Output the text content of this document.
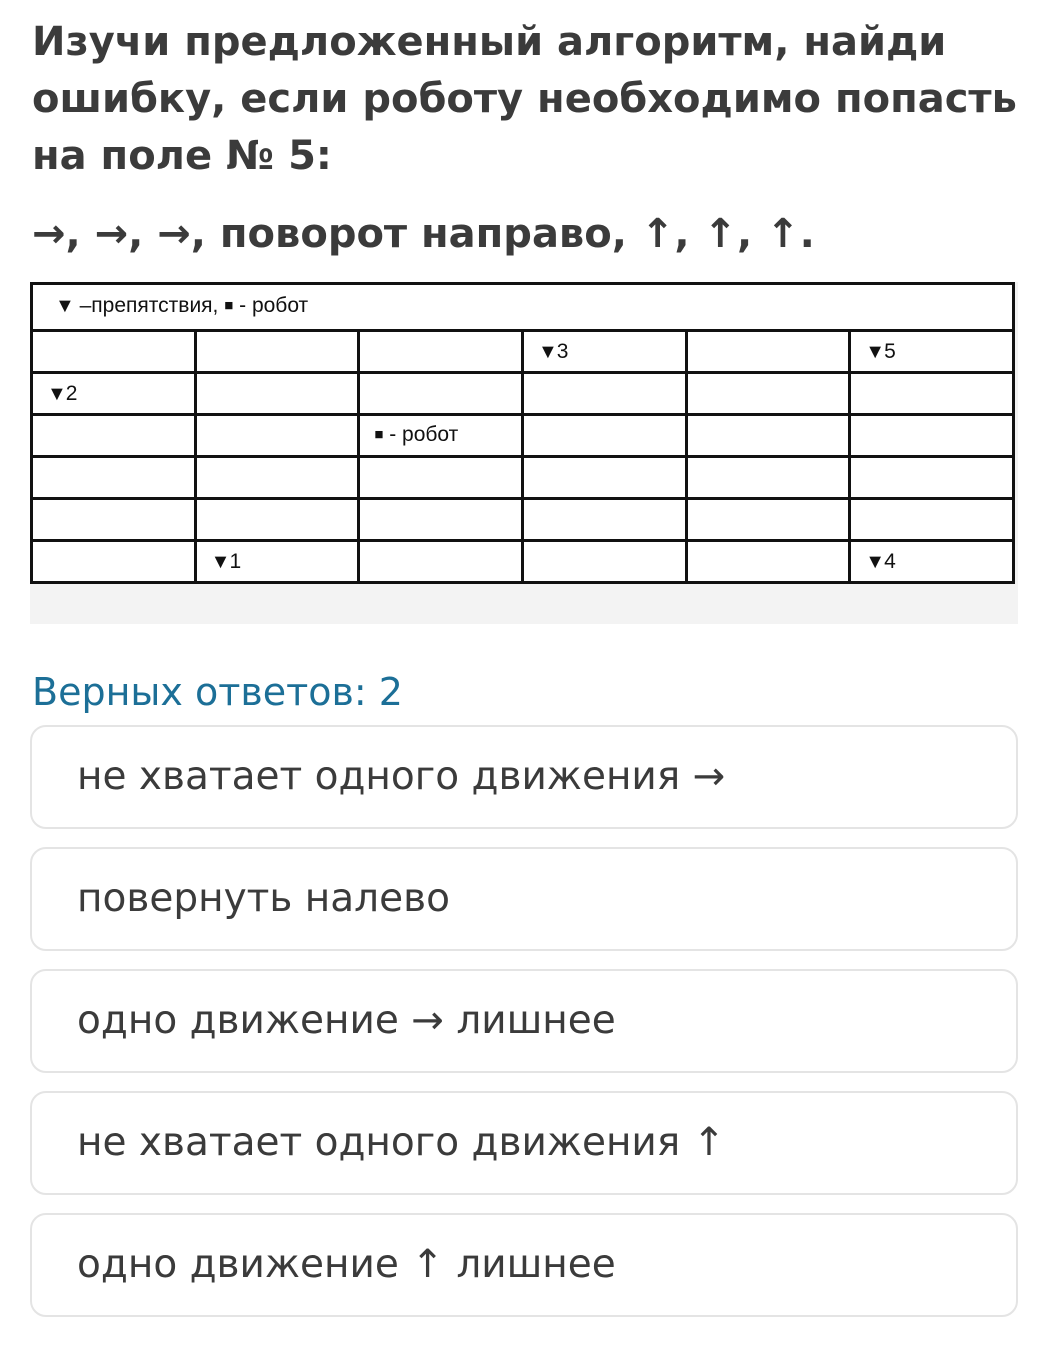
Изучи предложенный алгоритм, найди
ошибку, если роботу необходимо попасть
на поле № 5:
→, →, →, поворот направо, ↑, ↑, ↑.
▼ –препятствия, ■ - робот					
			▼3		▼5
▼2					
		■ - робот			

	▼1				▼4
Верных ответов: 2
не хватает одного движения →
повернуть налево
одно движение → лишнее
не хватает одного движения ↑
одно движение ↑ лишнее
